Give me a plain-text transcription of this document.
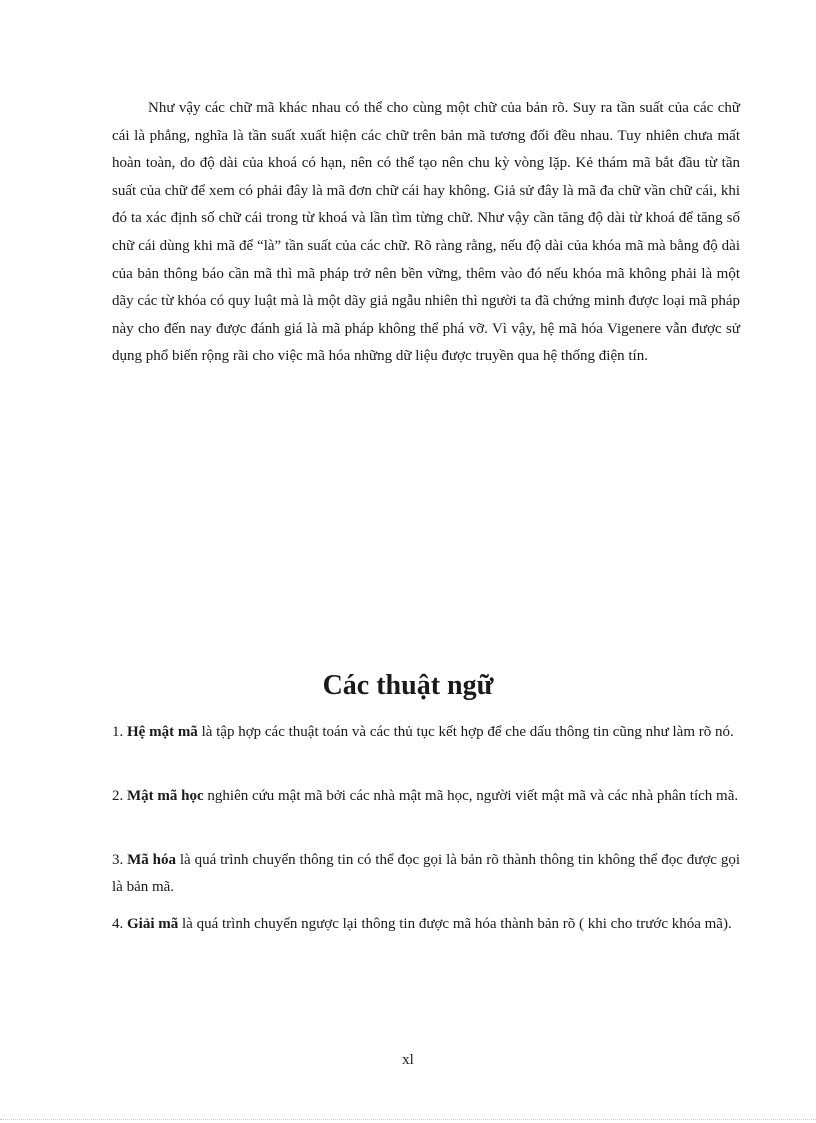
Như vậy các chữ mã khác nhau có thể cho cùng một chữ của bản rõ. Suy ra tần suất của các chữ cái là phẳng, nghĩa là tần suất xuất hiện các chữ trên bản mã tương đối đều nhau. Tuy nhiên chưa mất hoàn toàn, do độ dài của khoá có hạn, nên có thể tạo nên chu kỳ vòng lặp. Kẻ thám mã bắt đầu từ tần suất của chữ để xem có phải đây là mã đơn chữ cái hay không. Giả sử đây là mã đa chữ vần chữ cái, khi đó ta xác định số chữ cái trong từ khoá và lần tìm từng chữ. Như vậy cần tăng độ dài từ khoá để tăng số chữ cái dùng khi mã để “là” tần suất của các chữ. Rõ ràng rằng, nếu độ dài của khóa mã mà bằng độ dài của bản thông báo cần mã thì mã pháp trở nên bền vững, thêm vào đó nếu khóa mã không phải là một dãy các từ khóa có quy luật mà là một dãy giả ngẫu nhiên thì người ta đã chứng minh được loại mã pháp này cho đến nay được đánh giá là mã pháp không thể phá vỡ. Vì vậy, hệ mã hóa Vigenere vẫn được sử dụng phổ biến rộng rãi cho việc mã hóa những dữ liệu được truyền qua hệ thống điện tín.

Các thuật ngữ

1. Hệ mật mã là tập hợp các thuật toán và các thủ tục kết hợp để che dấu thông tin cũng như làm rõ nó.

2. Mật mã học nghiên cứu mật mã bởi các nhà mật mã học, người viết mật mã và các nhà phân tích mã.

3. Mã hóa là quá trình chuyển thông tin có thể đọc gọi là bản rõ thành thông tin không thể đọc được gọi là bản mã.

4. Giải mã là quá trình chuyển ngược lại thông tin được mã hóa thành bản rõ ( khi cho trước khóa mã).

xl
